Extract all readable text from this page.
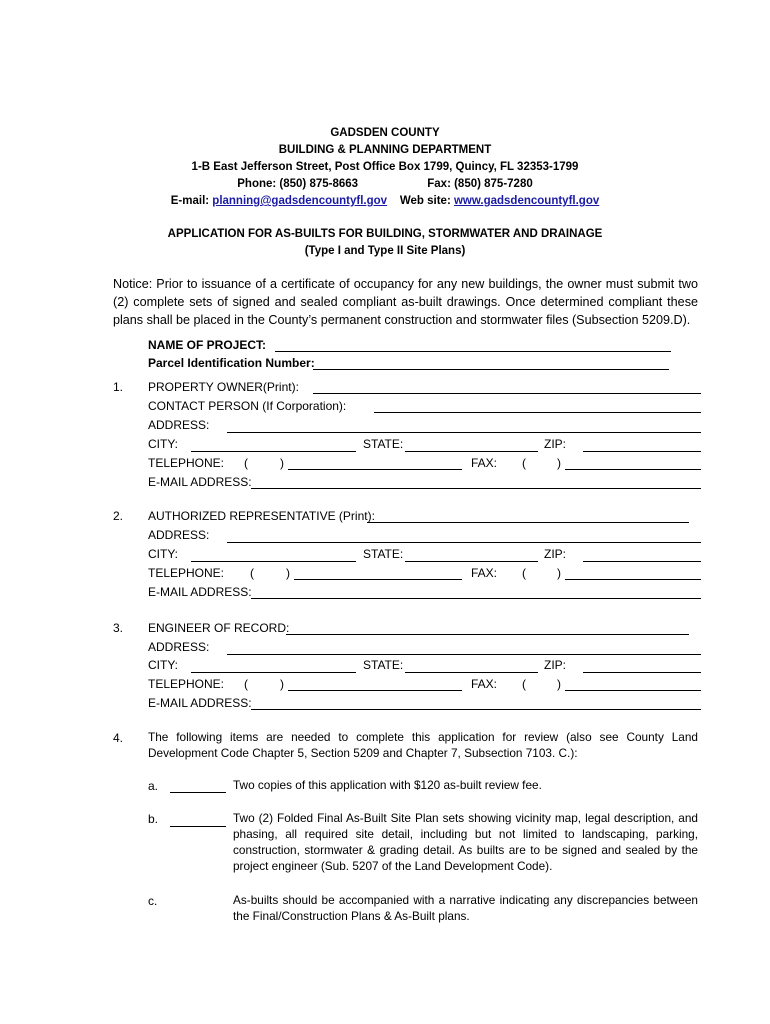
GADSDEN COUNTY
BUILDING & PLANNING DEPARTMENT
1-B East Jefferson Street, Post Office Box 1799, Quincy, FL 32353-1799
Phone: (850) 875-8663	Fax: (850) 875-7280
E-mail: planning@gadsdencountyfl.gov Web site: www.gadsdencountyfl.gov
APPLICATION FOR AS-BUILTS FOR BUILDING, STORMWATER AND DRAINAGE
(Type I and Type II Site Plans)
Notice: Prior to issuance of a certificate of occupancy for any new buildings, the owner must submit two (2) complete sets of signed and sealed compliant as-built drawings. Once determined compliant these plans shall be placed in the County’s permanent construction and stormwater files (Subsection 5209.D).
NAME OF PROJECT:
Parcel Identification Number:
1. PROPERTY OWNER(Print):
CONTACT PERSON (If Corporation):
ADDRESS:
CITY:	STATE:	ZIP:
TELEPHONE: (	)	FAX: (	)
E-MAIL ADDRESS:
2. AUTHORIZED REPRESENTATIVE (Print):
ADDRESS:
CITY:	STATE:	ZIP:
TELEPHONE: (	)	FAX: (	)
E-MAIL ADDRESS:
3. ENGINEER OF RECORD:
ADDRESS:
CITY:	STATE:	ZIP:
TELEPHONE: (	)	FAX: (	)
E-MAIL ADDRESS:
4. The following items are needed to complete this application for review (also see County Land Development Code Chapter 5, Section 5209 and Chapter 7, Subsection 7103. C.):
a.	Two copies of this application with $120 as-built review fee.
b.	Two (2) Folded Final As-Built Site Plan sets showing vicinity map, legal description, and phasing, all required site detail, including but not limited to landscaping, parking, construction, stormwater & grading detail. As builts are to be signed and sealed by the project engineer (Sub. 5207 of the Land Development Code).
c.	As-builts should be accompanied with a narrative indicating any discrepancies between the Final/Construction Plans & As-Built plans.
